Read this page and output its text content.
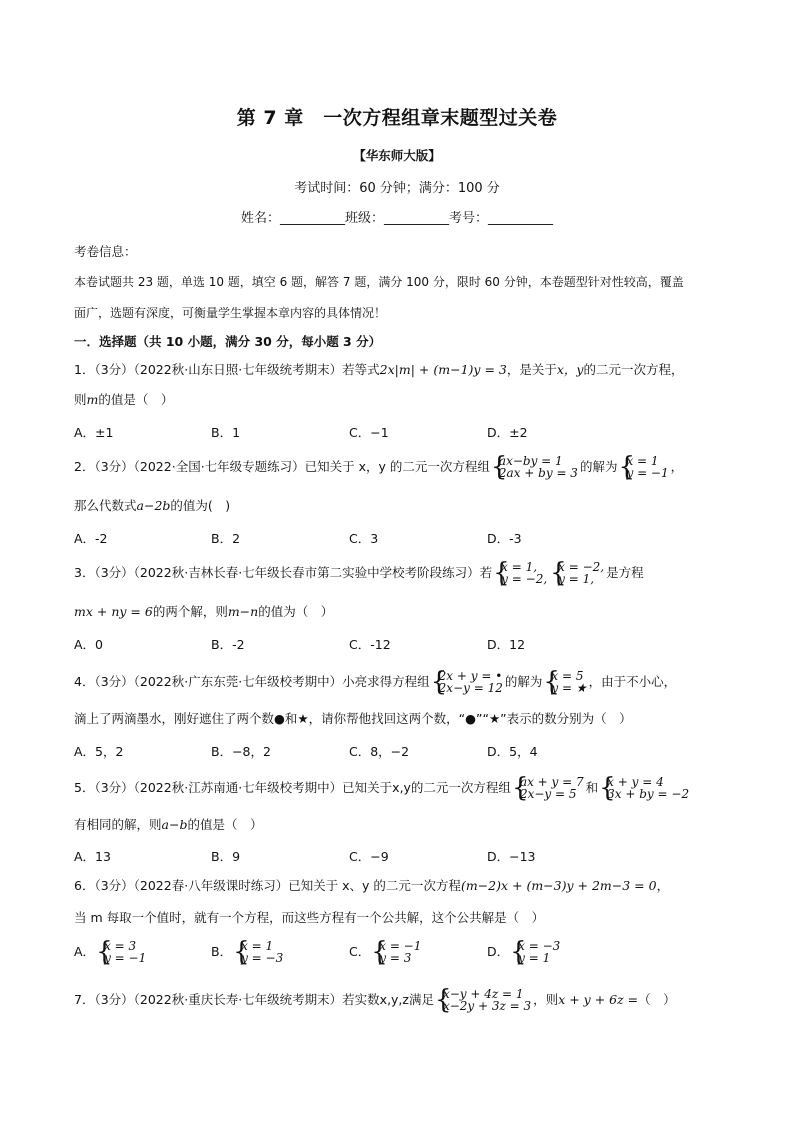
第 7 章　一次方程组章末题型过关卷
【华东师大版】
考试时间：60 分钟；满分：100 分
姓名：__________班级：__________考号：__________
考卷信息：
本卷试题共 23 题，单选 10 题，填空 6 题，解答 7 题，满分 100 分，限时 60 分钟，本卷题型针对性较高，覆盖
面广，选题有深度，可衡量学生掌握本章内容的具体情况！
一．选择题（共 10 小题，满分 30 分，每小题 3 分）
1．（3分）（2022秋·山东日照·七年级统考期末）若等式2x|m| + (m−1)y = 3，是关于x，y的二元一次方程，
则m的值是（　）
A．±1	B．1	C．−1	D．±2
2．（3分）（2022·全国·七年级专题练习）已知关于 x，y 的二元一次方程组 {
ax−by = 1
2ax + by = 3 的解为 {
x = 1
y = −1 ，
那么代数式a−2b的值为(　)
A．-2	B．2	C．3	D．-3
3．（3分）（2022秋·吉林长春·七年级长春市第二实验中学校考阶段练习）若 {
x = 1,
y = −2, {
x = −2,
y = 1, 是方程
mx + ny = 6的两个解，则m−n的值为（　）
A．0	B．-2	C．-12	D．12
4．（3分）（2022秋·广东东莞·七年级校考期中）小亮求得方程组 {
2x + y = •
2x−y = 12 的解为 {
x = 5
y = ★ ，由于不小心，
滴上了两滴墨水，刚好遮住了两个数●和★，请你帮他找回这两个数，“●”“★”表示的数分别为（　）
A．5，2	B．−8，2	C．8，−2	D．5，4
5．（3分）（2022秋·江苏南通·七年级校考期中）已知关于x,y的二元一次方程组 {
ax + y = 7
2x−y = 5 和 {
x + y = 4
3x + by = −2
有相同的解，则a−b的值是（　）
A．13	B．9	C．−9	D．−13
6．（3分）（2022春·八年级课时练习）已知关于 x、y 的二元一次方程(m−2)x + (m−3)y + 2m−3 = 0，
当 m 每取一个值时，就有一个方程，而这些方程有一个公共解，这个公共解是（　）
A． {
x = 3
y = −1	B． {
x = 1
y = −3	C． {
x = −1
y = 3	D． {
x = −3
y = 1
7．（3分）（2022秋·重庆长寿·七年级统考期末）若实数x,y,z满足 {
x−y + 4z = 1
x−2y + 3z = 3 ，则x + y + 6z =（　）
